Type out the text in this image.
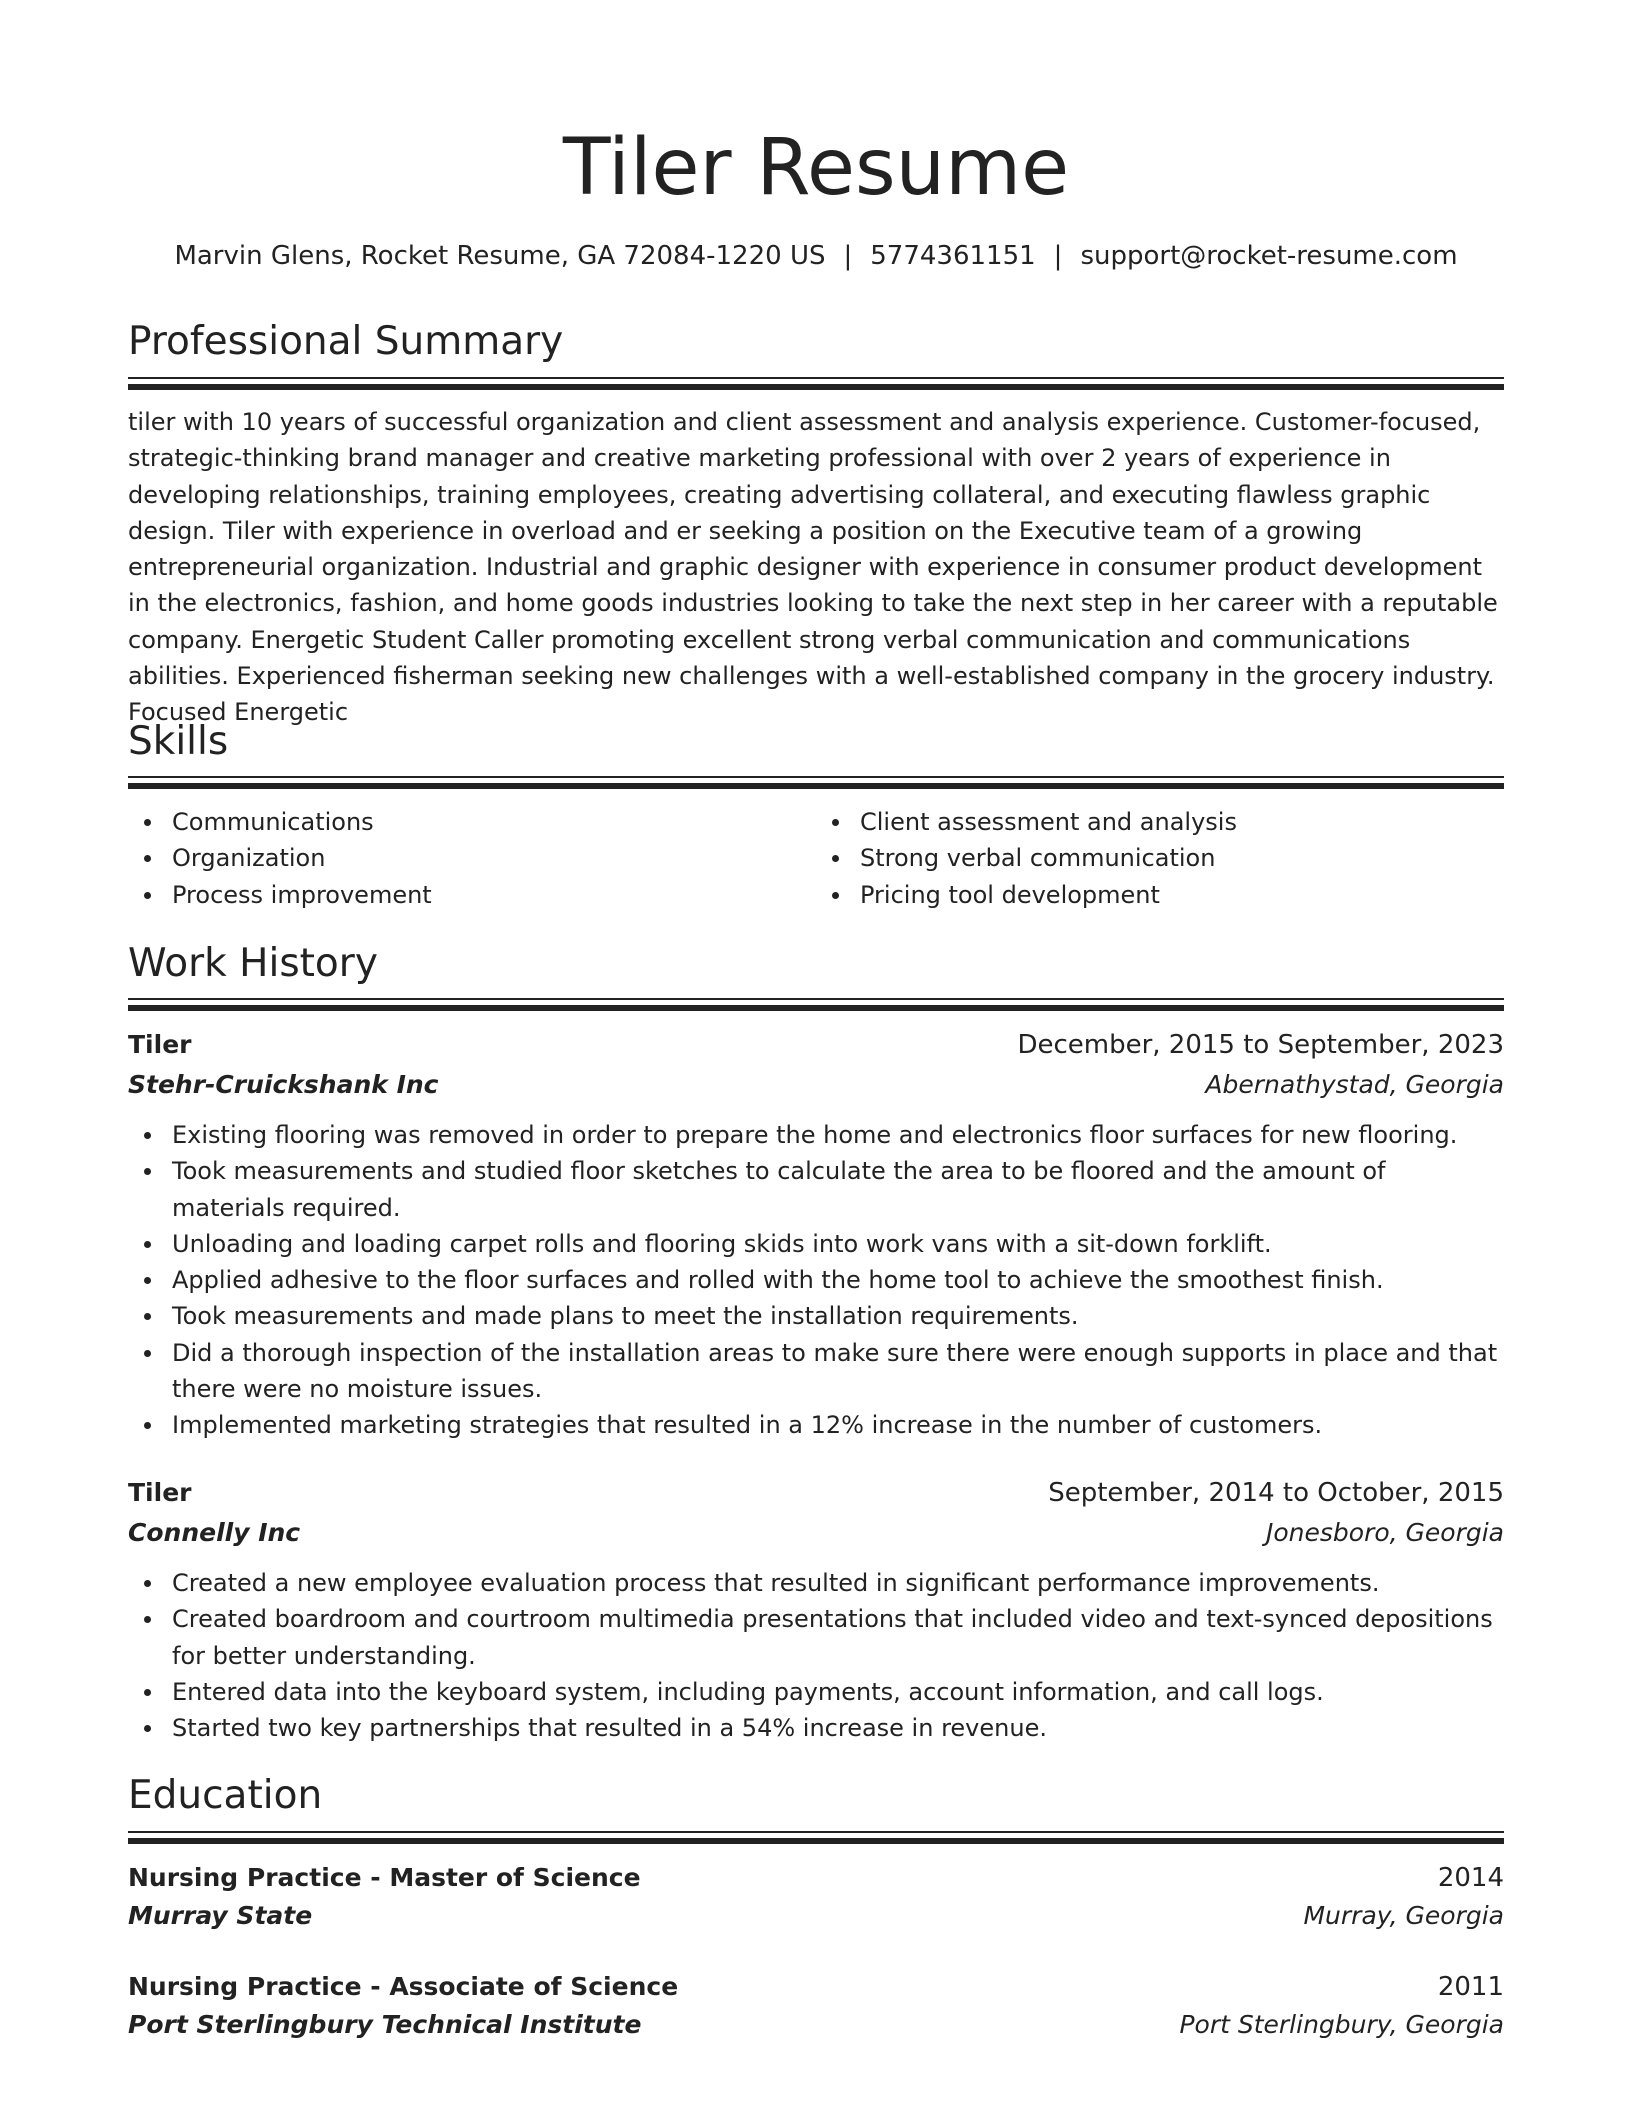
Tiler Resume
Marvin Glens, Rocket Resume, GA 72084-1220 US | 5774361151 | support@rocket-resume.com
Professional Summary

tiler with 10 years of successful organization and client assessment and analysis experience. Customer-focused, strategic-thinking brand manager and creative marketing professional with over 2 years of experience in developing relationships, training employees, creating advertising collateral, and executing flawless graphic design. Tiler with experience in overload and er seeking a position on the Executive team of a growing entrepreneurial organization. Industrial and graphic designer with experience in consumer product development in the electronics, fashion, and home goods industries looking to take the next step in her career with a reputable company. Energetic Student Caller promoting excellent strong verbal communication and communications abilities. Experienced fisherman seeking new challenges with a well-established company in the grocery industry. Focused Energetic

Skills
Communications
Organization
Process improvement
Client assessment and analysis
Strong verbal communication
Pricing tool development
Work History
Tiler	December, 2015 to September, 2023
Stehr-Cruickshank Inc	Abernathystad, Georgia
Existing flooring was removed in order to prepare the home and electronics floor surfaces for new flooring.
Took measurements and studied floor sketches to calculate the area to be floored and the amount of materials required.
Unloading and loading carpet rolls and flooring skids into work vans with a sit-down forklift.
Applied adhesive to the floor surfaces and rolled with the home tool to achieve the smoothest finish.
Took measurements and made plans to meet the installation requirements.
Did a thorough inspection of the installation areas to make sure there were enough supports in place and that there were no moisture issues.
Implemented marketing strategies that resulted in a 12% increase in the number of customers.
Tiler	September, 2014 to October, 2015
Connelly Inc	Jonesboro, Georgia
Created a new employee evaluation process that resulted in significant performance improvements.
Created boardroom and courtroom multimedia presentations that included video and text-synced depositions for better understanding.
Entered data into the keyboard system, including payments, account information, and call logs.
Started two key partnerships that resulted in a 54% increase in revenue.
Education
Nursing Practice - Master of Science	2014
Murray State	Murray, Georgia
Nursing Practice - Associate of Science	2011
Port Sterlingbury Technical Institute	Port Sterlingbury, Georgia
